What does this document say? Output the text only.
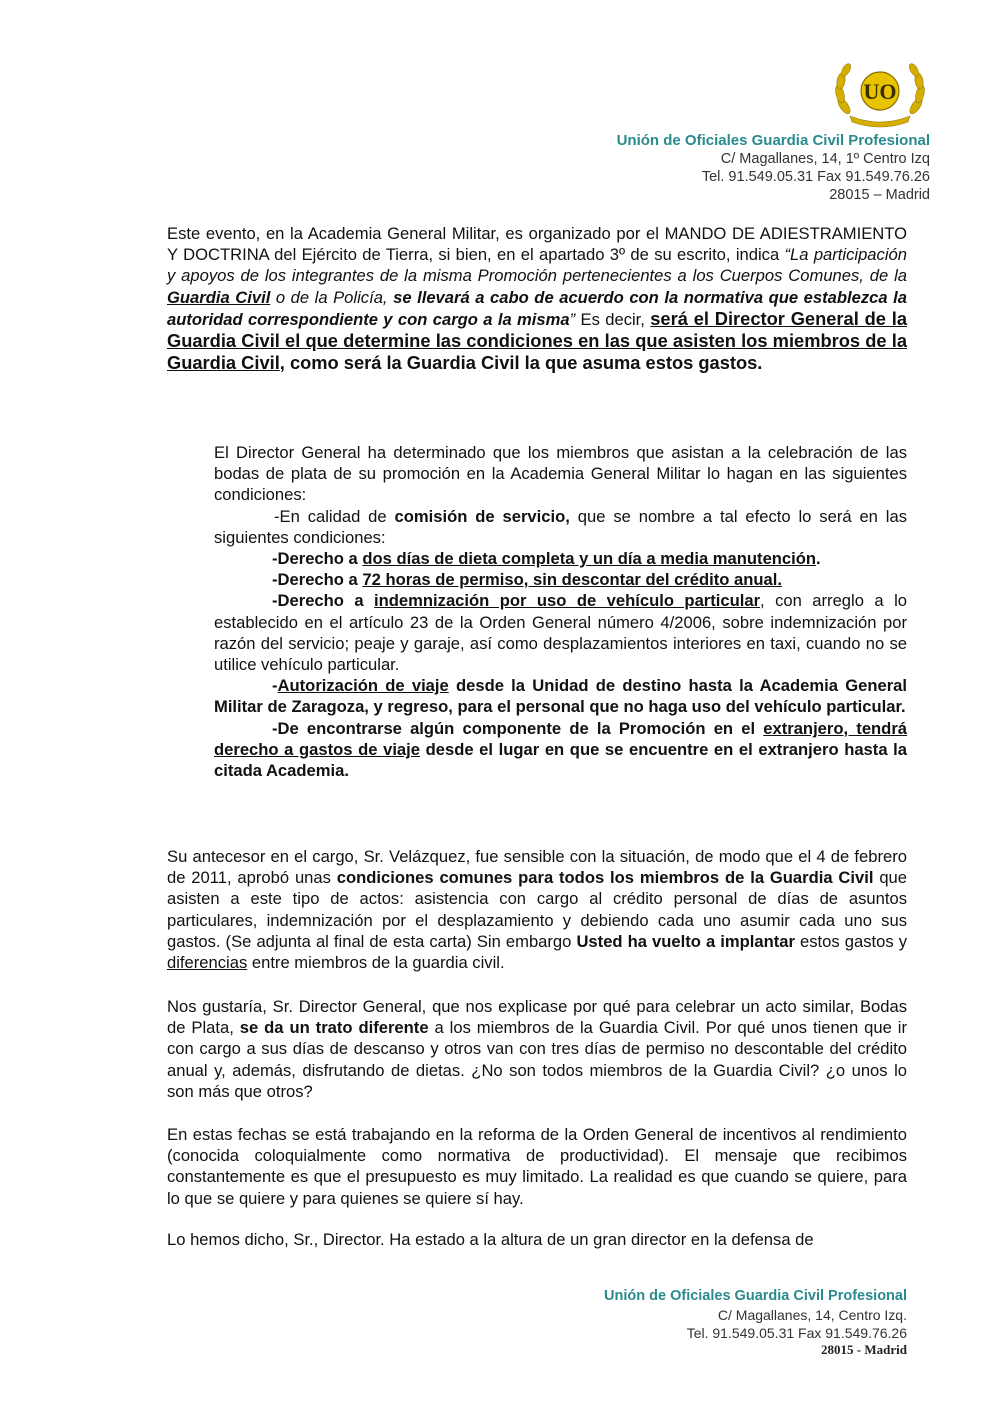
UO
Unión de Oficiales Guardia Civil Profesional
C/ Magallanes, 14, 1º Centro Izq
Tel. 91.549.05.31 Fax 91.549.76.26
28015 – Madrid

Este evento, en la Academia General Militar, es organizado por el MANDO DE ADIESTRAMIENTO Y DOCTRINA del Ejército de Tierra, si bien, en el apartado 3º de su escrito, indica “La participación y apoyos de los integrantes de la misma Promoción pertenecientes a los Cuerpos Comunes, de la Guardia Civil o de la Policía, se llevará a cabo de acuerdo con la normativa que establezca la autoridad correspondiente y con cargo a la misma” Es decir, será el Director General de la Guardia Civil el que determine las condiciones en las que asisten los miembros de la Guardia Civil, como será la Guardia Civil la que asuma estos gastos.

El Director General ha determinado que los miembros que asistan a la celebración de las bodas de plata de su promoción en la Academia General Militar lo hagan en las siguientes condiciones:
-En calidad de comisión de servicio, que se nombre a tal efecto lo será en las siguientes condiciones:
-Derecho a dos días de dieta completa y un día a media manutención.
-Derecho a 72 horas de permiso, sin descontar del crédito anual.
-Derecho a indemnización por uso de vehículo particular, con arreglo a lo establecido en el artículo 23 de la Orden General número 4/2006, sobre indemnización por razón del servicio; peaje y garaje, así como desplazamientos interiores en taxi, cuando no se utilice vehículo particular.
-Autorización de viaje desde la Unidad de destino hasta la Academia General Militar de Zaragoza, y regreso, para el personal que no haga uso del vehículo particular.
-De encontrarse algún componente de la Promoción en el extranjero, tendrá derecho a gastos de viaje desde el lugar en que se encuentre en el extranjero hasta la citada Academia.

Su antecesor en el cargo, Sr. Velázquez, fue sensible con la situación, de modo que el 4 de febrero de 2011, aprobó unas condiciones comunes para todos los miembros de la Guardia Civil que asisten a este tipo de actos: asistencia con cargo al crédito personal de días de asuntos particulares, indemnización por el desplazamiento y debiendo cada uno asumir cada uno sus gastos. (Se adjunta al final de esta carta) Sin embargo Usted ha vuelto a implantar estos gastos y diferencias entre miembros de la guardia civil.

Nos gustaría, Sr. Director General, que nos explicase por qué para celebrar un acto similar, Bodas de Plata, se da un trato diferente a los miembros de la Guardia Civil. Por qué unos tienen que ir con cargo a sus días de descanso y otros van con tres días de permiso no descontable del crédito anual y, además, disfrutando de dietas. ¿No son todos miembros de la Guardia Civil? ¿o unos lo son más que otros?

En estas fechas se está trabajando en la reforma de la Orden General de incentivos al rendimiento (conocida coloquialmente como normativa de productividad). El mensaje que recibimos constantemente es que el presupuesto es muy limitado. La realidad es que cuando se quiere, para lo que se quiere y para quienes se quiere sí hay.

Lo hemos dicho, Sr., Director. Ha estado a la altura de un gran director en la defensa de

Unión de Oficiales Guardia Civil Profesional
C/ Magallanes, 14, Centro Izq.
Tel. 91.549.05.31 Fax 91.549.76.26
28015 - Madrid
